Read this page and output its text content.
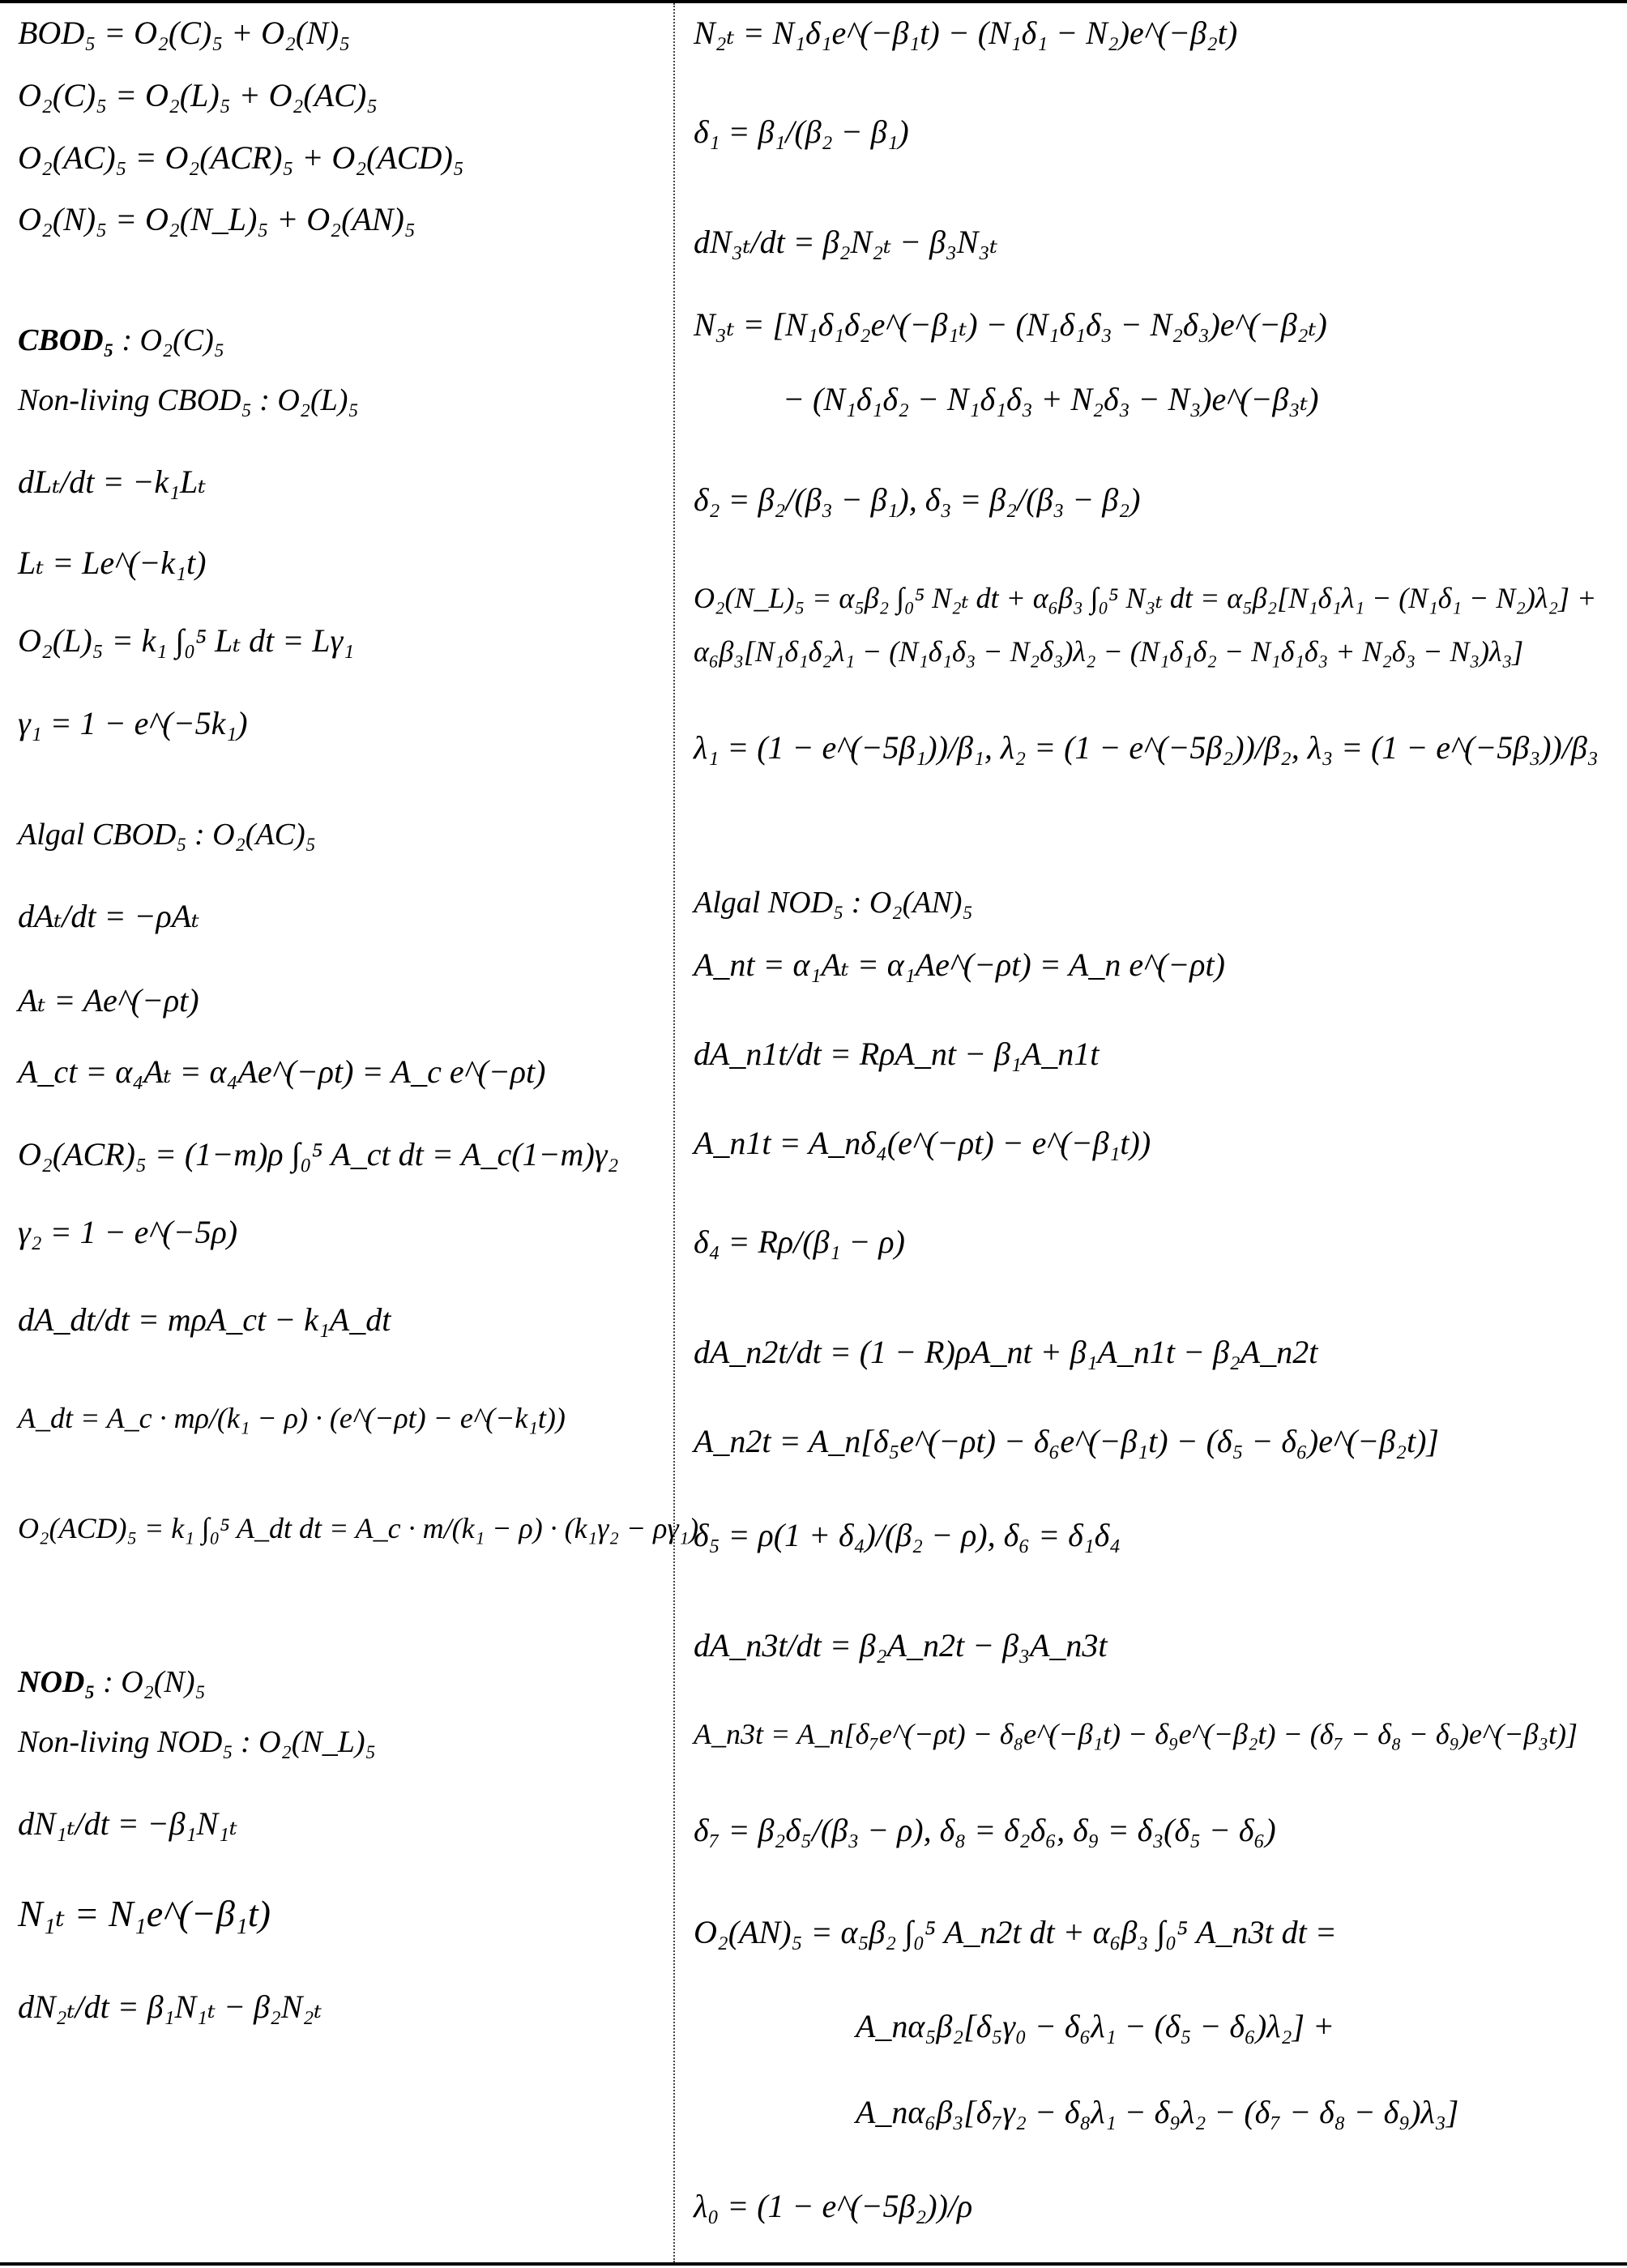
BOD₅ = O₂(C)₅ + O₂(N)₅

O₂(C)₅ = O₂(L)₅ + O₂(AC)₅

O₂(AC)₅ = O₂(ACR)₅ + O₂(ACD)₅

O₂(N)₅ = O₂(N_L)₅ + O₂(AN)₅

CBOD₅ : O₂(C)₅
Non-living CBOD₅ : O₂(L)₅

dLₜ/dt = −k₁Lₜ

Lₜ = Le^(−k₁t)

O₂(L)₅ = k₁ ∫₀⁵ Lₜ dt = Lγ₁

γ₁ = 1 − e^(−5k₁)

Algal CBOD₅ : O₂(AC)₅

dAₜ/dt = −ρAₜ

Aₜ = Ae^(−ρt)

A_ct = α₄Aₜ = α₄Ae^(−ρt) = A_c e^(−ρt)

O₂(ACR)₅ = (1−m)ρ ∫₀⁵ A_ct dt = A_c(1−m)γ₂

γ₂ = 1 − e^(−5ρ)

dA_dt/dt = mρA_ct − k₁A_dt

A_dt = A_c · mρ/(k₁ − ρ) · (e^(−ρt) − e^(−k₁t))

O₂(ACD)₅ = k₁ ∫₀⁵ A_dt dt = A_c · m/(k₁ − ρ) · (k₁γ₂ − ργ₁)

NOD₅ : O₂(N)₅
Non-living NOD₅ : O₂(N_L)₅

dN₁ₜ/dt = −β₁N₁ₜ

N₁ₜ = N₁e^(−β₁t)

dN₂ₜ/dt = β₁N₁ₜ − β₂N₂ₜ

N₂ₜ = N₁δ₁e^(−β₁t) − (N₁δ₁ − N₂)e^(−β₂t)

δ₁ = β₁/(β₂ − β₁)

dN₃ₜ/dt = β₂N₂ₜ − β₃N₃ₜ

N₃ₜ = [N₁δ₁δ₂e^(−β₁ₜ) − (N₁δ₁δ₃ − N₂δ₃)e^(−β₂ₜ)

− (N₁δ₁δ₂ − N₁δ₁δ₃ + N₂δ₃ − N₃)e^(−β₃ₜ)

δ₂ = β₂/(β₃ − β₁), δ₃ = β₂/(β₃ − β₂)

O₂(N_L)₅ = α₅β₂ ∫₀⁵ N₂ₜ dt + α₆β₃ ∫₀⁵ N₃ₜ dt = α₅β₂[N₁δ₁λ₁ − (N₁δ₁ − N₂)λ₂] +

α₆β₃[N₁δ₁δ₂λ₁ − (N₁δ₁δ₃ − N₂δ₃)λ₂ − (N₁δ₁δ₂ − N₁δ₁δ₃ + N₂δ₃ − N₃)λ₃]

λ₁ = (1 − e^(−5β₁))/β₁, λ₂ = (1 − e^(−5β₂))/β₂, λ₃ = (1 − e^(−5β₃))/β₃

Algal NOD₅ : O₂(AN)₅

A_nt = α₁Aₜ = α₁Ae^(−ρt) = A_n e^(−ρt)

dA_n1t/dt = RρA_nt − β₁A_n1t

A_n1t = A_nδ₄(e^(−ρt) − e^(−β₁t))

δ₄ = Rρ/(β₁ − ρ)

dA_n2t/dt = (1 − R)ρA_nt + β₁A_n1t − β₂A_n2t

A_n2t = A_n[δ₅e^(−ρt) − δ₆e^(−β₁t) − (δ₅ − δ₆)e^(−β₂t)]

δ₅ = ρ(1 + δ₄)/(β₂ − ρ), δ₆ = δ₁δ₄

dA_n3t/dt = β₂A_n2t − β₃A_n3t

A_n3t = A_n[δ₇e^(−ρt) − δ₈e^(−β₁t) − δ₉e^(−β₂t) − (δ₇ − δ₈ − δ₉)e^(−β₃t)]

δ₇ = β₂δ₅/(β₃ − ρ), δ₈ = δ₂δ₆, δ₉ = δ₃(δ₅ − δ₆)

O₂(AN)₅ = α₅β₂ ∫₀⁵ A_n2t dt + α₆β₃ ∫₀⁵ A_n3t dt =

A_nα₅β₂[δ₅γ₀ − δ₆λ₁ − (δ₅ − δ₆)λ₂] +

A_nα₆β₃[δ₇γ₂ − δ₈λ₁ − δ₉λ₂ − (δ₇ − δ₈ − δ₉)λ₃]

λ₀ = (1 − e^(−5β₂))/ρ
